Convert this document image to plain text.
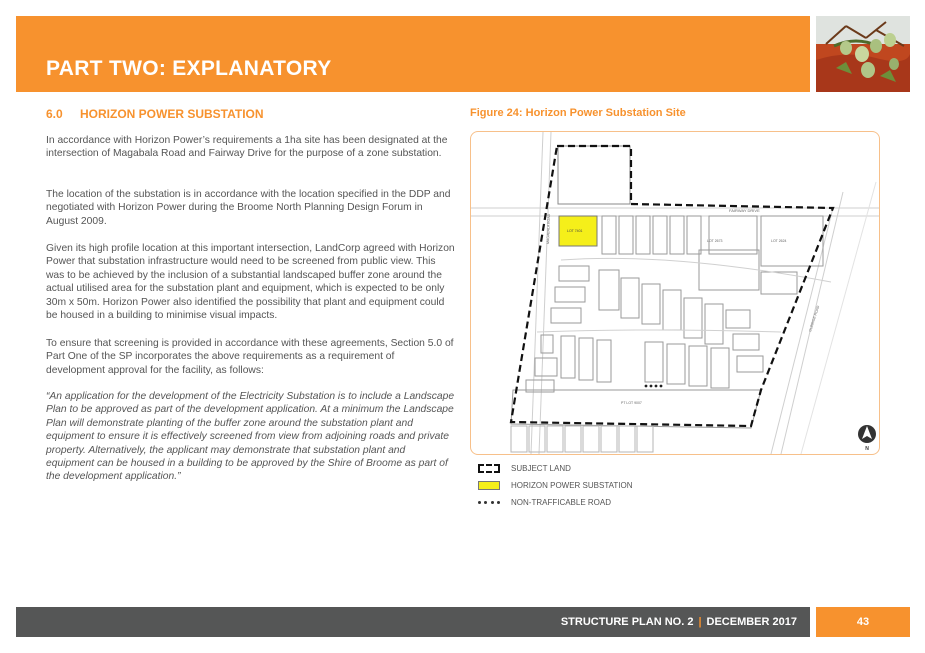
PART TWO: EXPLANATORY
6.0 HORIZON POWER SUBSTATION

In accordance with Horizon Power’s requirements a 1ha site has been designated at the intersection of Magabala Road and Fairway Drive for the purpose of a zone substation.

The location of the substation is in accordance with the location specified in the DDP and negotiated with Horizon Power during the Broome North Planning Design Forum in August 2009.

Given its high profile location at this important intersection, LandCorp agreed with Horizon Power that substation infrastructure would need to be screened from public view. This was to be achieved by the inclusion of a substantial landscaped buffer zone around the actual utilised area for the substation plant and equipment, which is expected to be only 30m x 50m. Horizon Power also identified the possibility that plant and equipment could be housed in a building to minimise visual impacts.

To ensure that screening is provided in accordance with these agreements, Section 5.0 of Part One of the SP incorporates the above requirements as a requirement of development approval for the facility, as follows:

“An application for the development of the Electricity Substation is to include a Landscape Plan to be approved as part of the development application. At a minimum the Landscape Plan will demonstrate planting of the buffer zone around the substation plant and equipment to ensure it is effectively screened from view from adjoining roads and private property. Alternatively, the applicant may demonstrate that substation plant and equipment can be housed in a building to be approved by the Shire of Broome as part of the development application.”

Figure 24: Horizon Power Substation Site
FAIRWAY DRIVE
MAGABALA ROAD
GUBINGE ROAD
LOT 7401
LOT 2673	LOT 2624
PT LOT 9007
N
SUBJECT LAND
HORIZON POWER SUBSTATION
NON-TRAFFICABLE ROAD
STRUCTURE PLAN NO. 2 | DECEMBER 2017	43
